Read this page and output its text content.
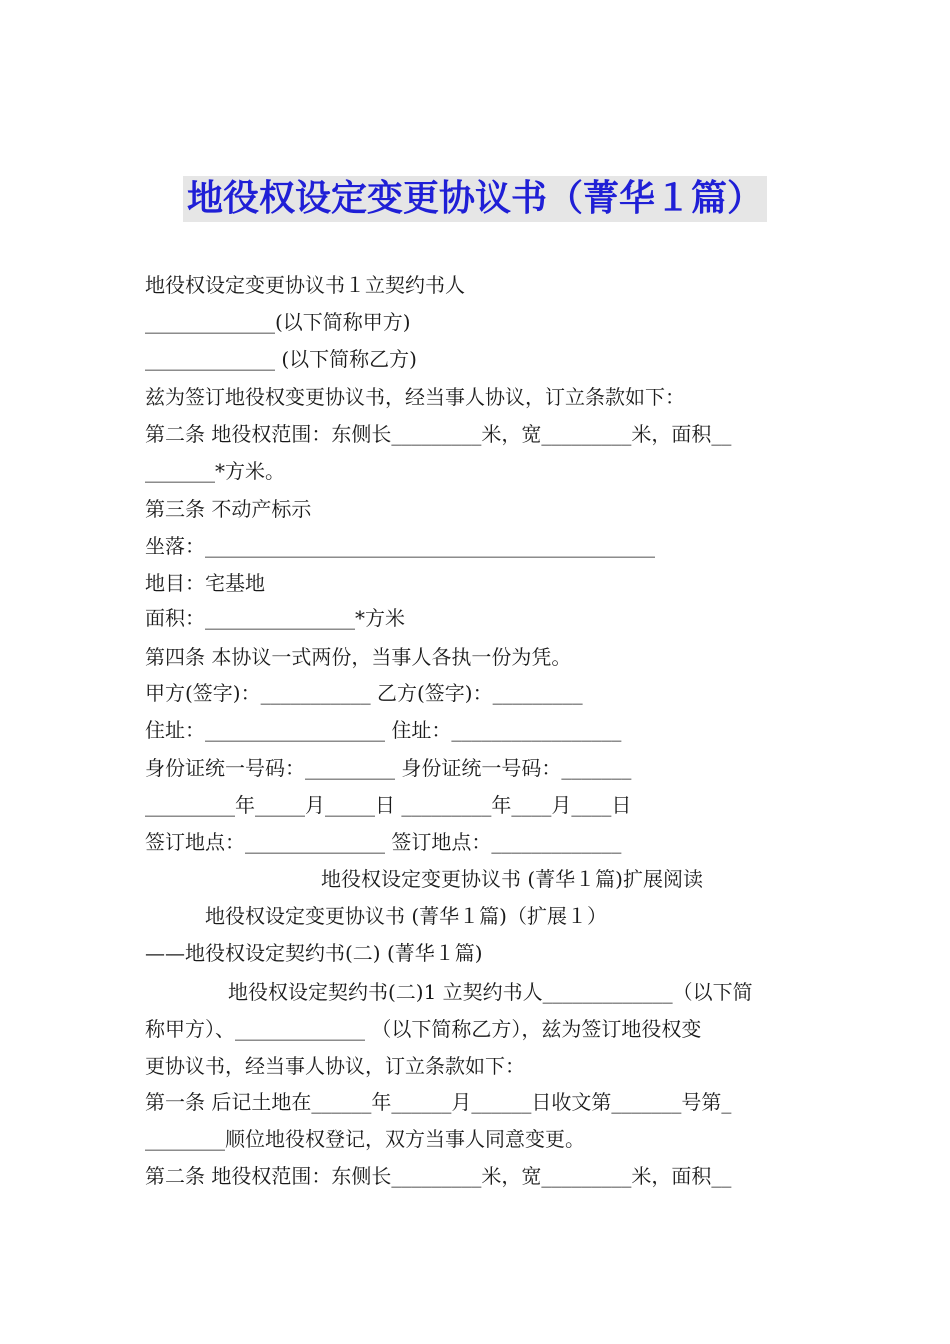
地役权设定变更协议书（菁华１篇）
地役权设定变更协议书１立契约书人
_____________(以下简称甲方)
_____________ (以下简称乙方)
兹为签订地役权变更协议书，经当事人协议，订立条款如下：
第二条 地役权范围：东侧长_________米，宽_________米，面积__
_______*方米。
第三条 不动产标示
坐落：_____________________________________________
地目：宅基地
面积：_______________*方米
第四条 本协议一式两份，当事人各执一份为凭。
甲方(签字)：___________ 乙方(签字)：_________
住址：__________________ 住址：_________________
身份证统一号码：_________ 身份证统一号码：_______
_________年_____月_____日 _________年____月____日
签订地点：______________ 签订地点：_____________
地役权设定变更协议书 (菁华１篇)扩展阅读
地役权设定变更协议书 (菁华１篇)（扩展１）
——地役权设定契约书(二) (菁华１篇)
地役权设定契约书(二)1 立契约书人_____________（以下简
称甲方）、_____________ （以下简称乙方），兹为签订地役权变
更协议书，经当事人协议，订立条款如下：
第一条 后记土地在______年______月______日收文第_______号第_
________顺位地役权登记，双方当事人同意变更。
第二条 地役权范围：东侧长_________米，宽_________米，面积__
